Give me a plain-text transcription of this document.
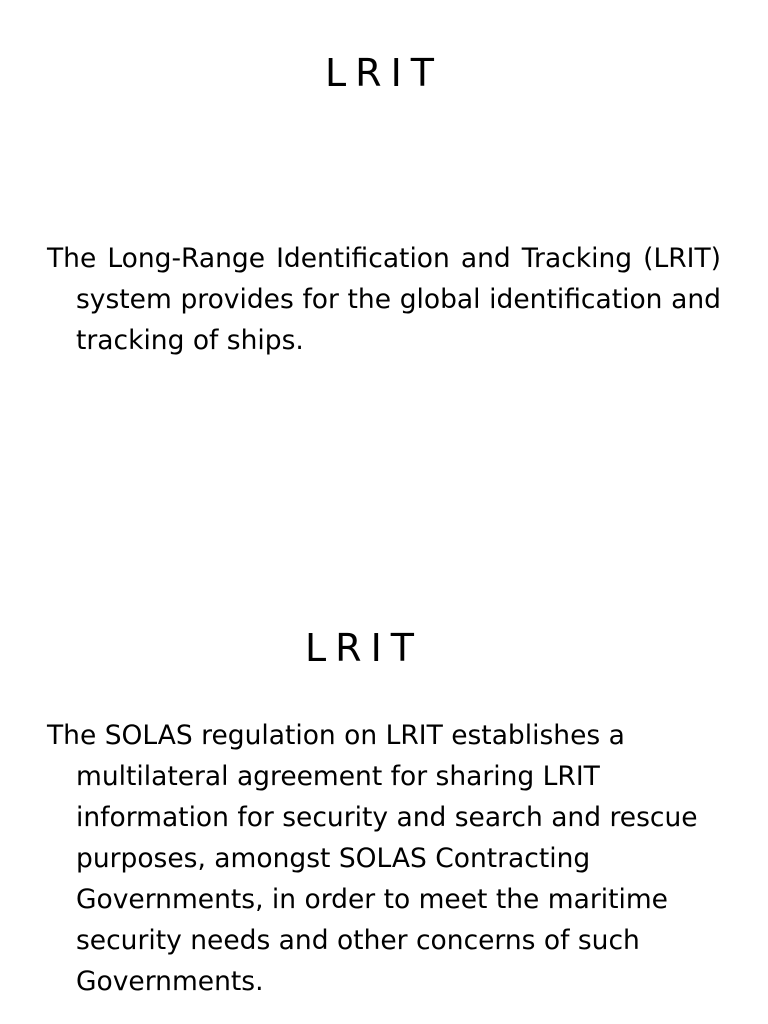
LRIT

The Long-Range Identification and Tracking (LRIT) system provides for the global identification and tracking of ships.

LRIT

The SOLAS regulation on LRIT establishes a multilateral agreement for sharing LRIT information for security and search and rescue purposes, amongst SOLAS Contracting Governments, in order to meet the maritime security needs and other concerns of such Governments.
